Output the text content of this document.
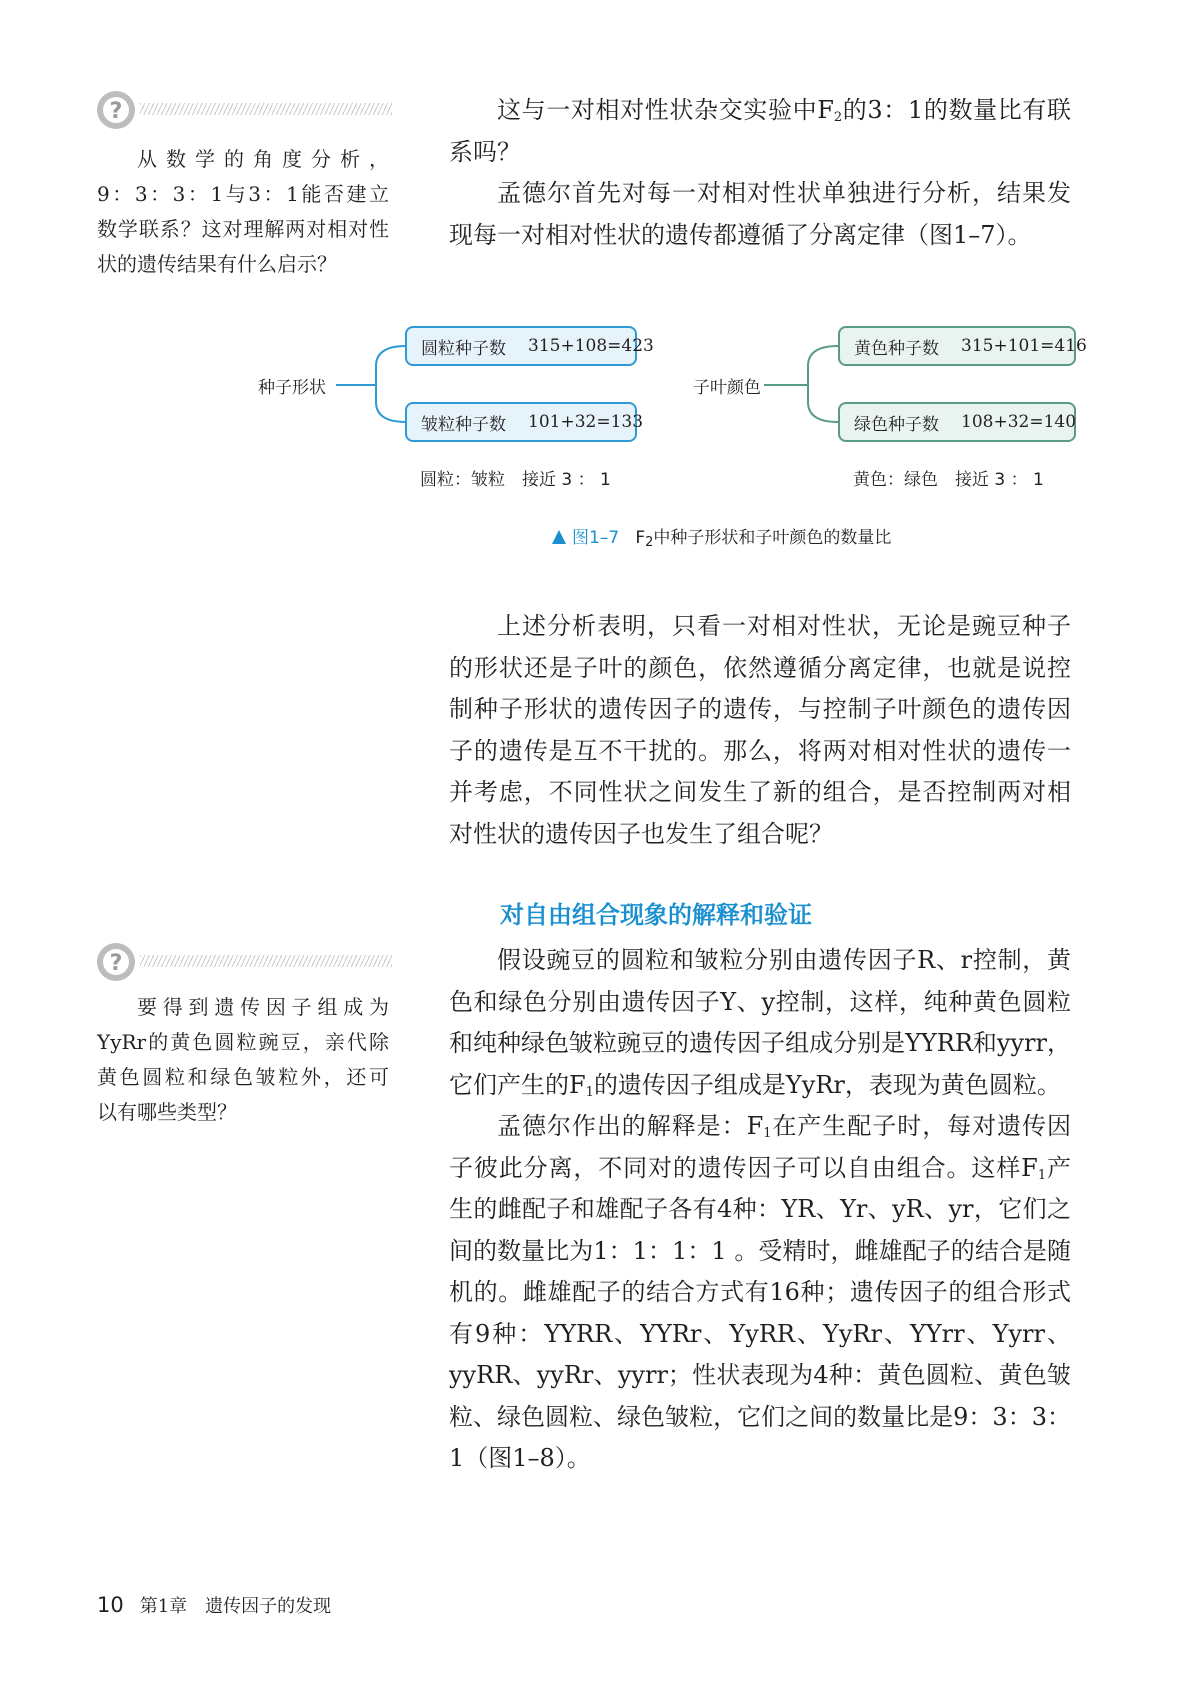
?

从数学的角度分析，

9：3：3：1与3：1能否建立

数学联系？这对理解两对相对性

状的遗传结果有什么启示？

这与一对相对性状杂交实验中$F_2$的3：1的数量比有联系吗？

孟德尔首先对每一对相对性状单独进行分析，结果发现每一对相对性状的遗传都遵循了分离定律（图1–7）。

种子形状
圆粒种子数 315+108=423
皱粒种子数 101+32=133
圆粒：皱粒　接近 3 ： 1
子叶颜色
黄色种子数 315+101=416
绿色种子数 108+32=140
黄色：绿色　接近 3 ： 1
图1–7 $F_2$中种子形状和子叶颜色的数量比

上述分析表明，只看一对相对性状，无论是豌豆种子的形状还是子叶的颜色，依然遵循分离定律，也就是说控制种子形状的遗传因子的遗传，与控制子叶颜色的遗传因子的遗传是互不干扰的。那么，将两对相对性状的遗传一并考虑，不同性状之间发生了新的组合，是否控制两对相对性状的遗传因子也发生了组合呢？

对自由组合现象的解释和验证
?

要得到遗传因子组成为

YyRr的黄色圆粒豌豆，亲代除

黄色圆粒和绿色皱粒外，还可

以有哪些类型？

假设豌豆的圆粒和皱粒分别由遗传因子R、r控制，黄色和绿色分别由遗传因子Y、y控制，这样，纯种黄色圆粒和纯种绿色皱粒豌豆的遗传因子组成分别是YYRR和yyrr，它们产生的$F_1$的遗传因子组成是YyRr，表现为黄色圆粒。

孟德尔作出的解释是：$F_1$在产生配子时，每对遗传因子彼此分离，不同对的遗传因子可以自由组合。这样$F_1$产生的雌配子和雄配子各有4种：YR、Yr、yR、yr，它们之间的数量比为1：1：1：1 。受精时，雌雄配子的结合是随机的。雌雄配子的结合方式有16种；遗传因子的组合形式有9种：YYRR、YYRr、YyRR、YyRr、YYrr、Yyrr、yyRR、yyRr、yyrr；性状表现为4种：黄色圆粒、黄色皱粒、绿色圆粒、绿色皱粒，它们之间的数量比是9：3：3：1（图1–8）。

10 第1章　遗传因子的发现
